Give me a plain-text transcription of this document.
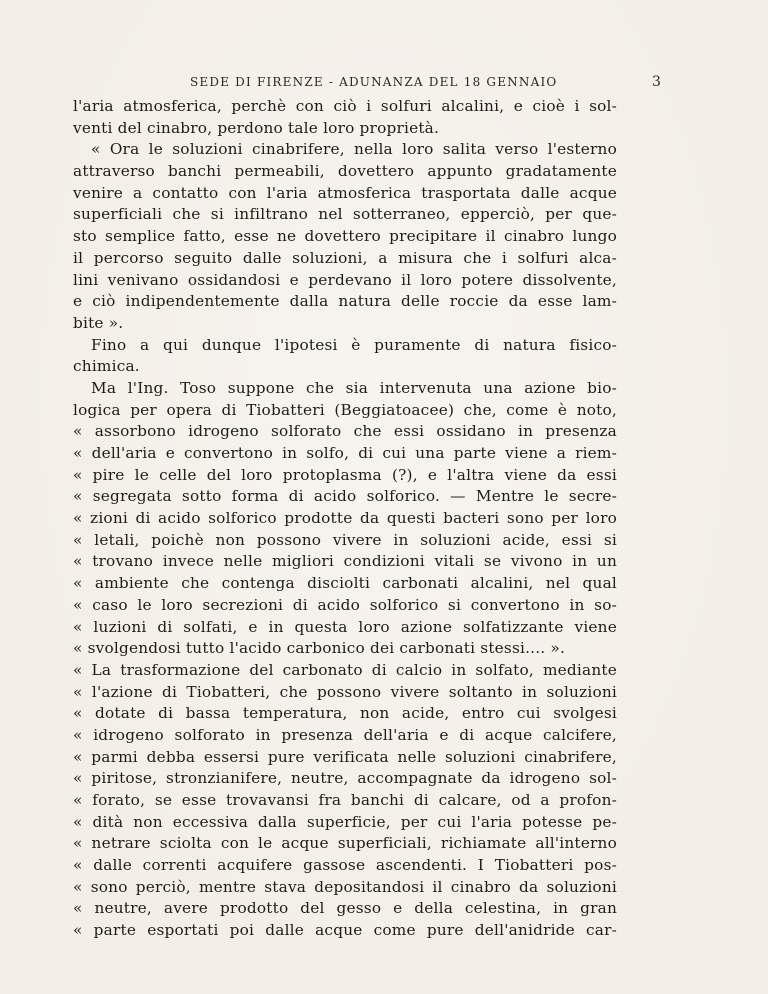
SEDE DI FIRENZE - ADUNANZA DEL 18 GENNAIO	3
l'aria atmosferica, perchè con ciò i solfuri alcalini, e cioè i sol-
venti del cinabro, perdono tale loro proprietà.
« Ora le soluzioni cinabrifere, nella loro salita verso l'esterno
attraverso banchi permeabili, dovettero appunto gradatamente
venire a contatto con l'aria atmosferica trasportata dalle acque
superficiali che si infiltrano nel sotterraneo, epperciò, per que-
sto semplice fatto, esse ne dovettero precipitare il cinabro lungo
il percorso seguito dalle soluzioni, a misura che i solfuri alca-
lini venivano ossidandosi e perdevano il loro potere dissolvente,
e ciò indipendentemente dalla natura delle roccie da esse lam-
bite ».
Fino a qui dunque l'ipotesi è puramente di natura fisico-
chimica.
Ma l'Ing. Toso suppone che sia intervenuta una azione bio-
logica per opera di Tiobatteri (Beggiatoacee) che, come è noto,
« assorbono idrogeno solforato che essi ossidano in presenza
« dell'aria e convertono in solfo, di cui una parte viene a riem-
« pire le celle del loro protoplasma (?), e l'altra viene da essi
« segregata sotto forma di acido solforico. — Mentre le secre-
« zioni di acido solforico prodotte da questi bacteri sono per loro
« letali, poichè non possono vivere in soluzioni acide, essi si
« trovano invece nelle migliori condizioni vitali se vivono in un
« ambiente che contenga disciolti carbonati alcalini, nel qual
« caso le loro secrezioni di acido solforico si convertono in so-
« luzioni di solfati, e in questa loro azione solfatizzante viene
« svolgendosi tutto l'acido carbonico dei carbonati stessi.... ».
« La trasformazione del carbonato di calcio in solfato, mediante
« l'azione di Tiobatteri, che possono vivere soltanto in soluzioni
« dotate di bassa temperatura, non acide, entro cui svolgesi
« idrogeno solforato in presenza dell'aria e di acque calcifere,
« parmi debba essersi pure verificata nelle soluzioni cinabrifere,
« piritose, stronzianifere, neutre, accompagnate da idrogeno sol-
« forato, se esse trovavansi fra banchi di calcare, od a profon-
« dità non eccessiva dalla superficie, per cui l'aria potesse pe-
« netrare sciolta con le acque superficiali, richiamate all'interno
« dalle correnti acquifere gassose ascendenti. I Tiobatteri pos-
« sono perciò, mentre stava depositandosi il cinabro da soluzioni
« neutre, avere prodotto del gesso e della celestina, in gran
« parte esportati poi dalle acque come pure dell'anidride car-
